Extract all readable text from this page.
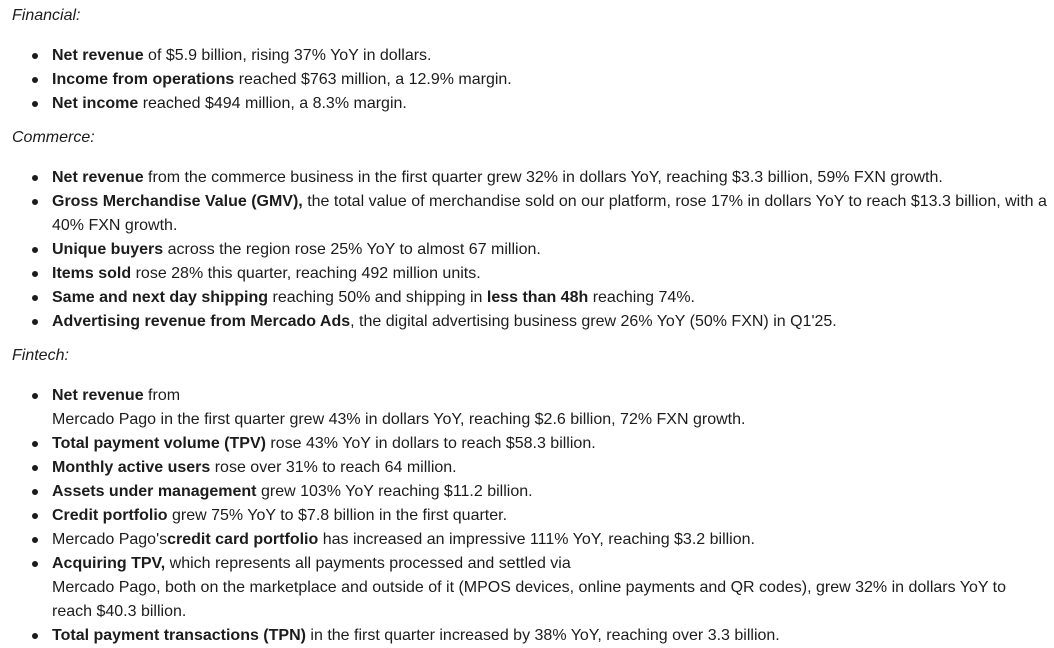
Financial:

Net revenue of $5.9 billion, rising 37% YoY in dollars.
Income from operations reached $763 million, a 12.9% margin.
Net income reached $494 million, a 8.3% margin.

Commerce:

Net revenue from the commerce business in the first quarter grew 32% in dollars YoY, reaching $3.3 billion, 59% FXN growth.
Gross Merchandise Value (GMV), the total value of merchandise sold on our platform, rose 17% in dollars YoY to reach $13.3 billion, with a 40% FXN growth.
Unique buyers across the region rose 25% YoY to almost 67 million.
Items sold rose 28% this quarter, reaching 492 million units.
Same and next day shipping reaching 50% and shipping in less than 48h reaching 74%.
Advertising revenue from Mercado Ads, the digital advertising business grew 26% YoY (50% FXN) in Q1'25.

Fintech:

Net revenue from
Mercado Pago in the first quarter grew 43% in dollars YoY, reaching $2.6 billion, 72% FXN growth.
Total payment volume (TPV) rose 43% YoY in dollars to reach $58.3 billion.
Monthly active users rose over 31% to reach 64 million.
Assets under management grew 103% YoY reaching $11.2 billion.
Credit portfolio grew 75% YoY to $7.8 billion in the first quarter.
Mercado Pago'scredit card portfolio has increased an impressive 111% YoY, reaching $3.2 billion.
Acquiring TPV, which represents all payments processed and settled via
Mercado Pago, both on the marketplace and outside of it (MPOS devices, online payments and QR codes), grew 32% in dollars YoY to reach $40.3 billion.
Total payment transactions (TPN) in the first quarter increased by 38% YoY, reaching over 3.3 billion.
